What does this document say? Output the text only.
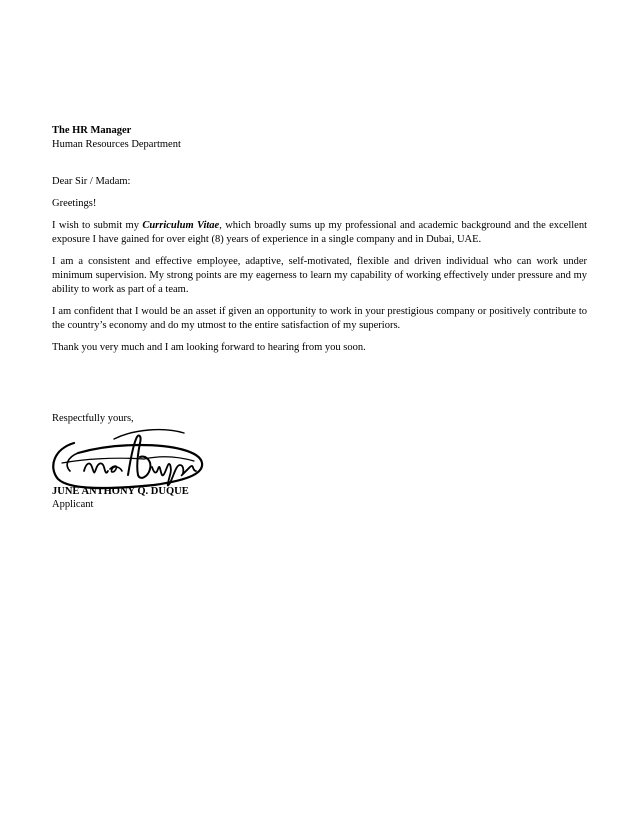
The HR Manager
Human Resources Department
Dear Sir / Madam:
Greetings!

I wish to submit my Curriculum Vitae, which broadly sums up my professional and academic background and the excellent exposure I have gained for over eight (8) years of experience in a single company and in Dubai, UAE.

I am a consistent and effective employee, adaptive, self-motivated, flexible and driven individual who can work under minimum supervision. My strong points are my eagerness to learn my capability of working effectively under pressure and my ability to work as part of a team.

I am confident that I would be an asset if given an opportunity to work in your prestigious company or positively contribute to the country’s economy and do my utmost to the entire satisfaction of my superiors.

Thank you very much and I am looking forward to hearing from you soon.

Respectfully yours,
JUNE ANTHONY Q. DUQUE
Applicant
